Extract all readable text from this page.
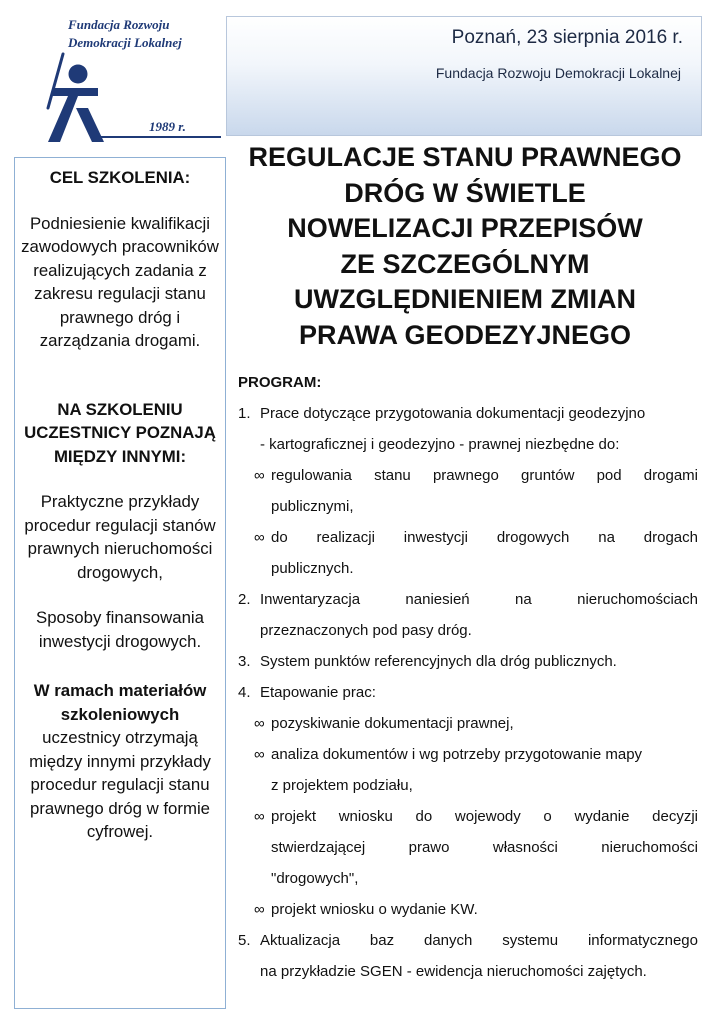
Fundacja Rozwoju
Demokracji Lokalnej
1989 r.
Poznań, 23 sierpnia 2016 r.
Fundacja Rozwoju Demokracji Lokalnej

CEL SZKOLENIA:

Podniesienie kwalifikacji zawodowych pracowników realizujących zadania z zakresu regulacji stanu prawnego dróg i zarządzania drogami.

NA SZKOLENIU UCZESTNICY POZNAJĄ MIĘDZY INNYMI:

Praktyczne przykłady procedur regulacji stanów prawnych nieruchomości drogowych,

Sposoby finansowania inwestycji drogowych.

W ramach materiałów szkoleniowych

uczestnicy otrzymają między innymi przykłady procedur regulacji stanu prawnego dróg w formie cyfrowej.

REGULACJE STANU PRAWNEGO
DRÓG W ŚWIETLE
NOWELIZACJI PRZEPISÓW
ZE SZCZEGÓLNYM
UWZGLĘDNIENIEM ZMIAN
PRAWA GEODEZYJNEGO
PROGRAM:
1. Prace dotyczące przygotowania dokumentacji geodezyjno
- kartograficznej i geodezyjno - prawnej niezbędne do:
∞ regulowania stanu prawnego gruntów pod drogami
publicznymi,
∞ do realizacji inwestycji drogowych na drogach
publicznych.
2. Inwentaryzacja naniesień na nieruchomościach
przeznaczonych pod pasy dróg.
3. System punktów referencyjnych dla dróg publicznych.
4. Etapowanie prac:
∞ pozyskiwanie dokumentacji prawnej,
∞ analiza dokumentów i wg potrzeby przygotowanie mapy
z projektem podziału,
∞ projekt wniosku do wojewody o wydanie decyzji
stwierdzającej prawo własności nieruchomości
"drogowych",
∞ projekt wniosku o wydanie KW.
5. Aktualizacja baz danych systemu informatycznego
na przykładzie SGEN - ewidencja nieruchomości zajętych.
